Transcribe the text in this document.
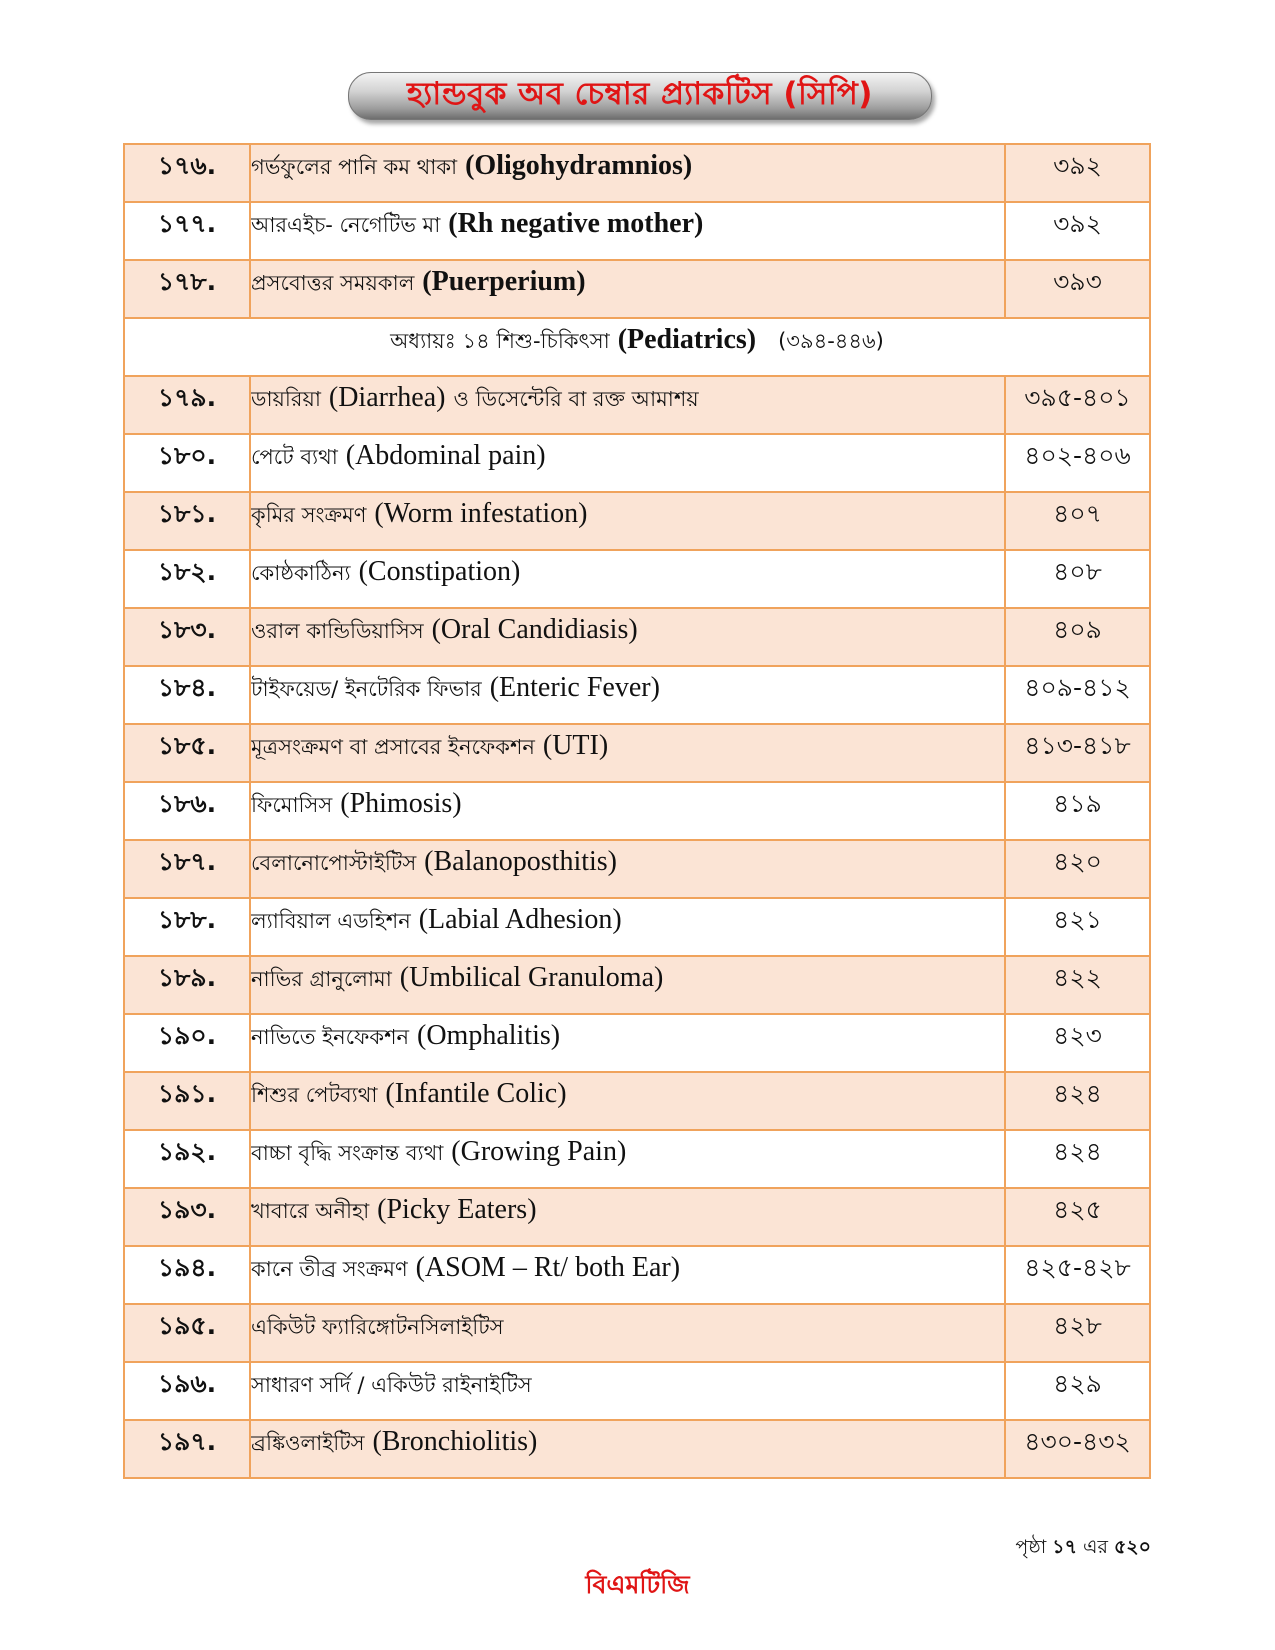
হ্যান্ডবুক অব চেম্বার প্র্যাকটিস (সিপি)
১৭৬.	গর্ভফুলের পানি কম থাকা (Oligohydramnios)	৩৯২

১৭৭.	আরএইচ- নেগেটিভ মা (Rh negative mother)	৩৯২

১৭৮.	প্রসবোত্তর সময়কাল (Puerperium)	৩৯৩

অধ্যায়ঃ ১৪ শিশু-চিকিৎসা (Pediatrics) (৩৯৪-৪৪৬)		

১৭৯.	ডায়রিয়া (Diarrhea) ও ডিসেন্টেরি বা রক্ত আমাশয়	৩৯৫-৪০১

১৮০.	পেটে ব্যথা (Abdominal pain)	৪০২-৪০৬

১৮১.	কৃমির সংক্রমণ (Worm infestation)	৪০৭

১৮২.	কোষ্ঠকাঠিন্য (Constipation)	৪০৮

১৮৩.	ওরাল কান্ডিডিয়াসিস (Oral Candidiasis)	৪০৯

১৮৪.	টাইফয়েড/ ইনটেরিক ফিভার (Enteric Fever)	৪০৯-৪১২

১৮৫.	মূত্রসংক্রমণ বা প্রসাবের ইনফেকশন (UTI)	৪১৩-৪১৮

১৮৬.	ফিমোসিস (Phimosis)	৪১৯

১৮৭.	বেলানোপোস্টাইটিস (Balanoposthitis)	৪২০

১৮৮.	ল্যাবিয়াল এডহিশন (Labial Adhesion)	৪২১

১৮৯.	নাভির গ্রানুলোমা (Umbilical Granuloma)	৪২২

১৯০.	নাভিতে ইনফেকশন (Omphalitis)	৪২৩

১৯১.	শিশুর পেটব্যথা (Infantile Colic)	৪২৪

১৯২.	বাচ্চা বৃদ্ধি সংক্রান্ত ব্যথা (Growing Pain)	৪২৪

১৯৩.	খাবারে অনীহা (Picky Eaters)	৪২৫

১৯৪.	কানে তীব্র সংক্রমণ (ASOM – Rt/ both Ear)	৪২৫-৪২৮

১৯৫.	একিউট ফ্যারিঙ্গোটনসিলাইটিস	৪২৮

১৯৬.	সাধারণ সর্দি / একিউট রাইনাইটিস	৪২৯

১৯৭.	ব্রঙ্কিওলাইটিস (Bronchiolitis)	৪৩০-৪৩২
পৃষ্ঠা ১৭ এর ৫২০
বিএমটিজি
